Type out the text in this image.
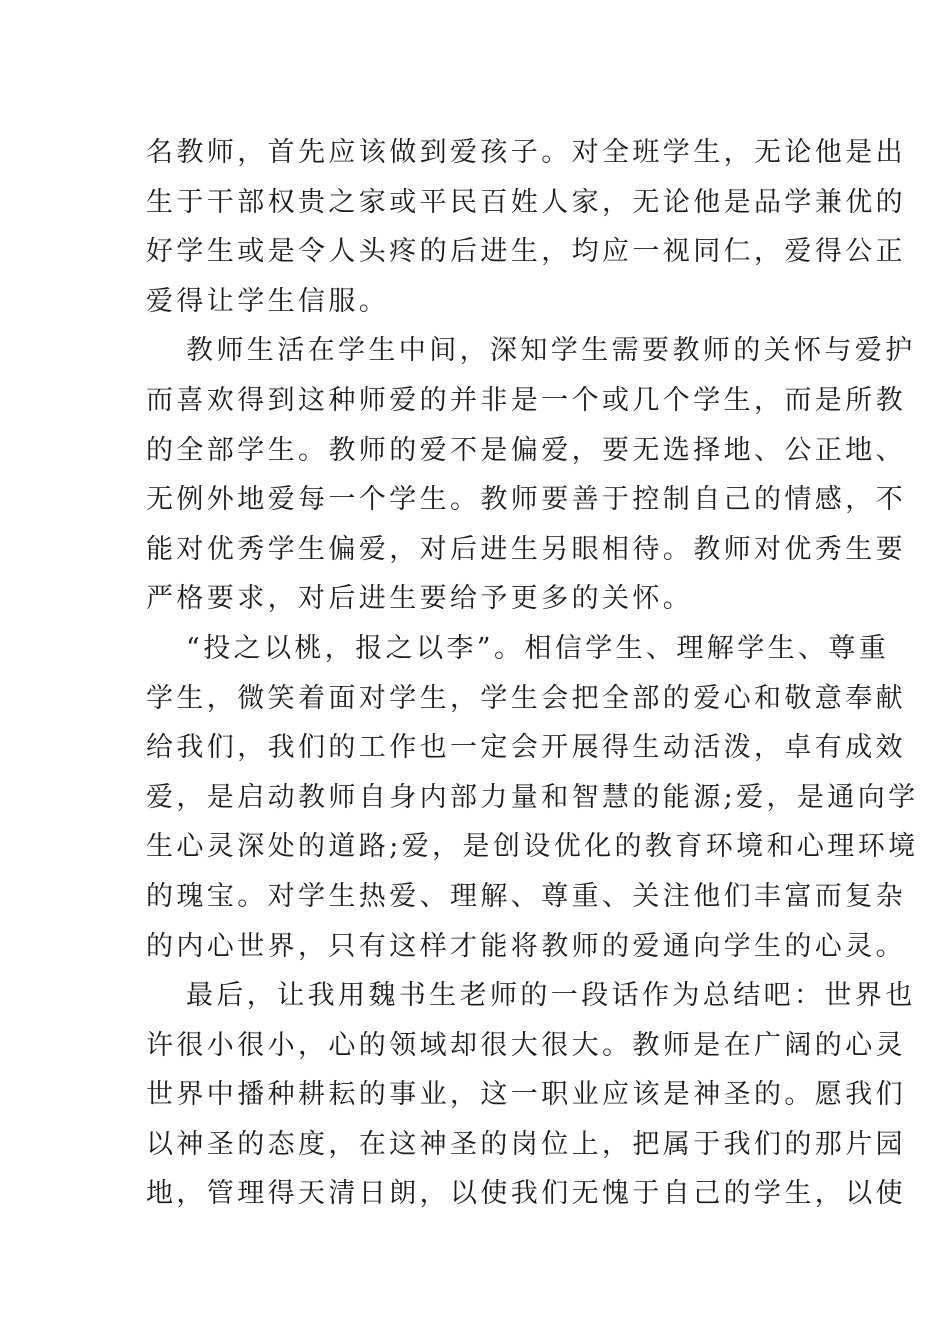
名教师，首先应该做到爱孩子。对全班学生，无论他是出
生于干部权贵之家或平民百姓人家，无论他是品学兼优的
好学生或是令人头疼的后进生，均应一视同仁，爱得公正
爱得让学生信服。
教师生活在学生中间，深知学生需要教师的关怀与爱护
而喜欢得到这种师爱的并非是一个或几个学生，而是所教
的全部学生。教师的爱不是偏爱，要无选择地、公正地、
无例外地爱每一个学生。教师要善于控制自己的情感，不
能对优秀学生偏爱，对后进生另眼相待。教师对优秀生要
严格要求，对后进生要给予更多的关怀。
“投之以桃，报之以李”。相信学生、理解学生、尊重
学生，微笑着面对学生，学生会把全部的爱心和敬意奉献
给我们，我们的工作也一定会开展得生动活泼，卓有成效
爱，是启动教师自身内部力量和智慧的能源;爱，是通向学
生心灵深处的道路;爱，是创设优化的教育环境和心理环境
的瑰宝。对学生热爱、理解、尊重、关注他们丰富而复杂
的内心世界，只有这样才能将教师的爱通向学生的心灵。
最后，让我用魏书生老师的一段话作为总结吧：世界也
许很小很小，心的领域却很大很大。教师是在广阔的心灵
世界中播种耕耘的事业，这一职业应该是神圣的。愿我们
以神圣的态度，在这神圣的岗位上，把属于我们的那片园
地，管理得天清日朗，以使我们无愧于自己的学生，以使
